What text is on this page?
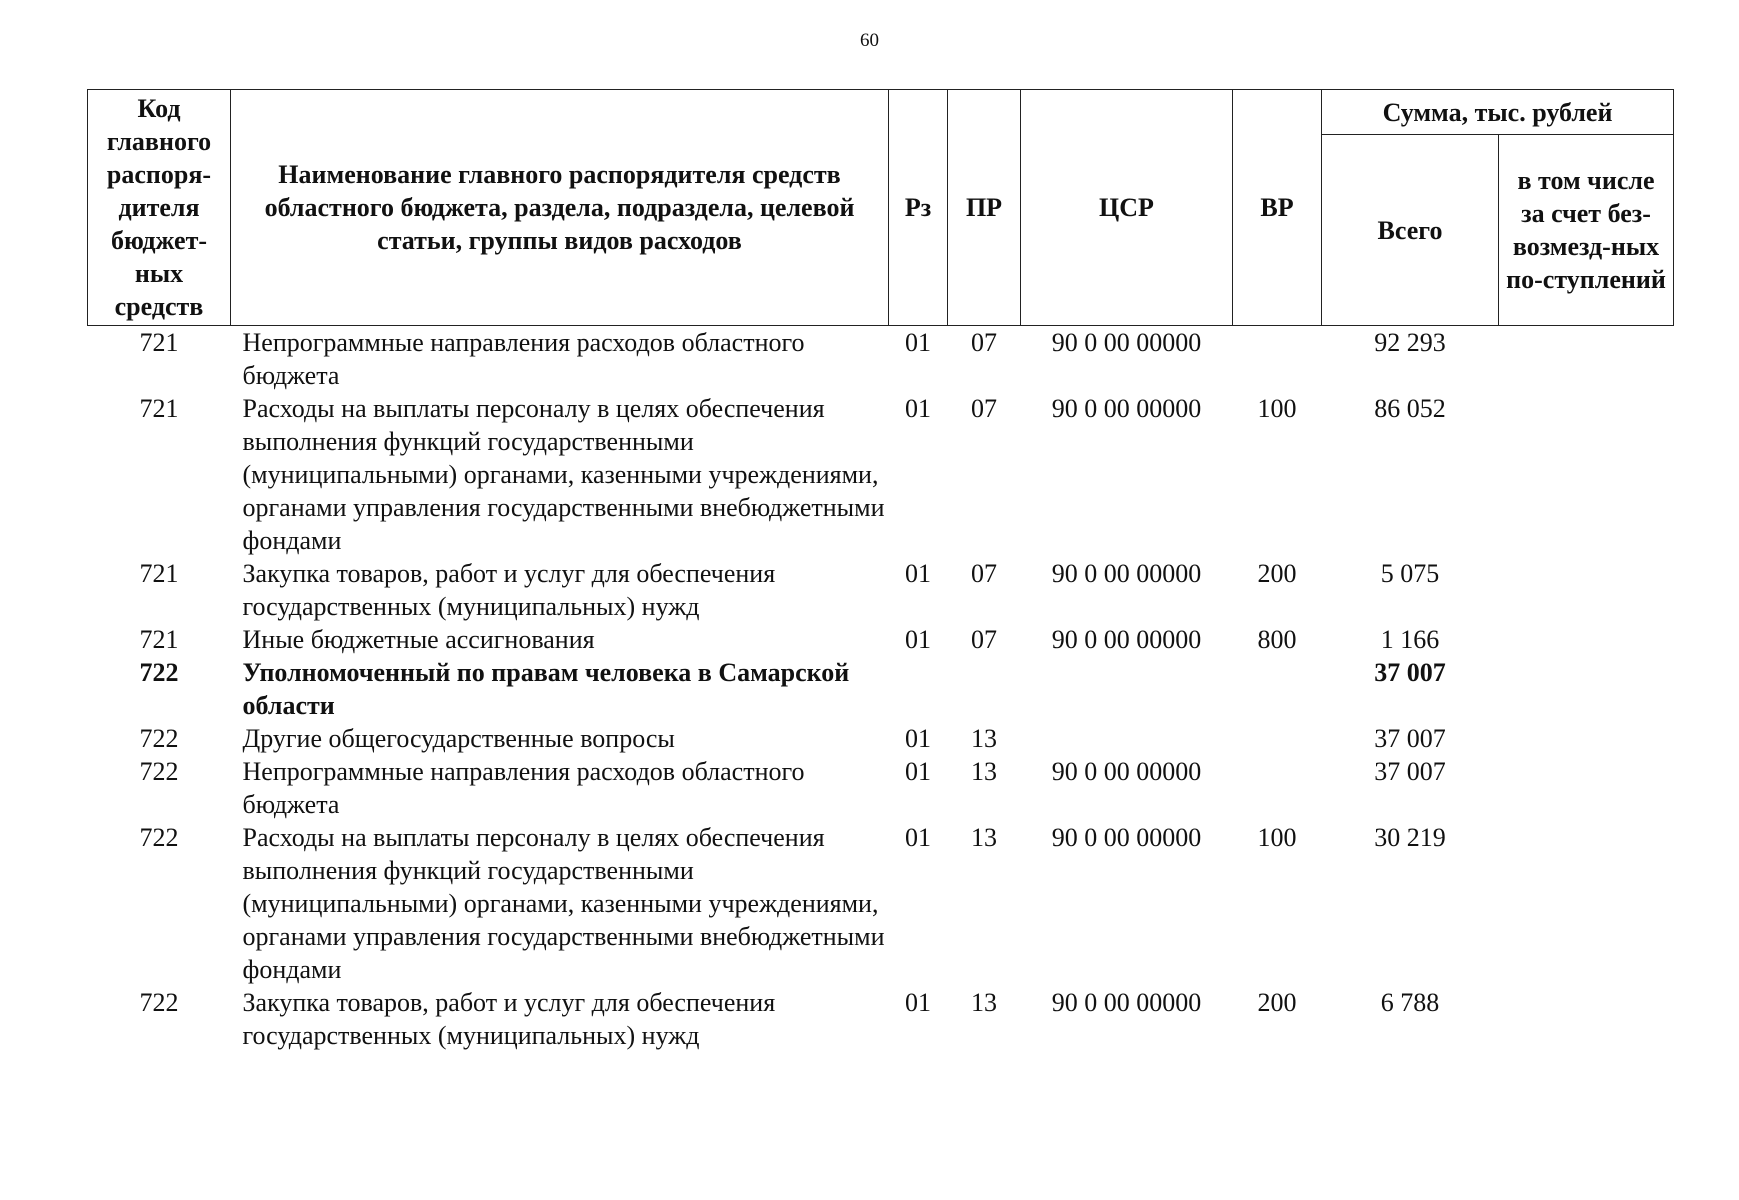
60
Код главного распоря-дителя бюджет-ных средств	Наименование главного распорядителя средств областного бюджета, раздела, подраздела, целевой статьи, группы видов расходов	Рз	ПР	ЦСР	ВР	Сумма, тыс. рублей	
						Всего	в том числе за счет без-возмезд-ных по-ступлений
721	Непрограммные направления расходов областного бюджета	01	07	90 0 00 00000		92 293	
721	Расходы на выплаты персоналу в целях обеспечения выполнения функций государственными (муниципальными) органами, казенными учреждениями, органами управления государственными внебюджетными фондами	01	07	90 0 00 00000	100	86 052	
721	Закупка товаров, работ и услуг для обеспечения государственных (муниципальных) нужд	01	07	90 0 00 00000	200	5 075	
721	Иные бюджетные ассигнования	01	07	90 0 00 00000	800	1 166	
722	Уполномоченный по правам человека в Самарской области					37 007	
722	Другие общегосударственные вопросы	01	13			37 007	
722	Непрограммные направления расходов областного бюджета	01	13	90 0 00 00000		37 007	
722	Расходы на выплаты персоналу в целях обеспечения выполнения функций государственными (муниципальными) органами, казенными учреждениями, органами управления государственными внебюджетными фондами	01	13	90 0 00 00000	100	30 219	
722	Закупка товаров, работ и услуг для обеспечения государственных (муниципальных) нужд	01	13	90 0 00 00000	200	6 788	
